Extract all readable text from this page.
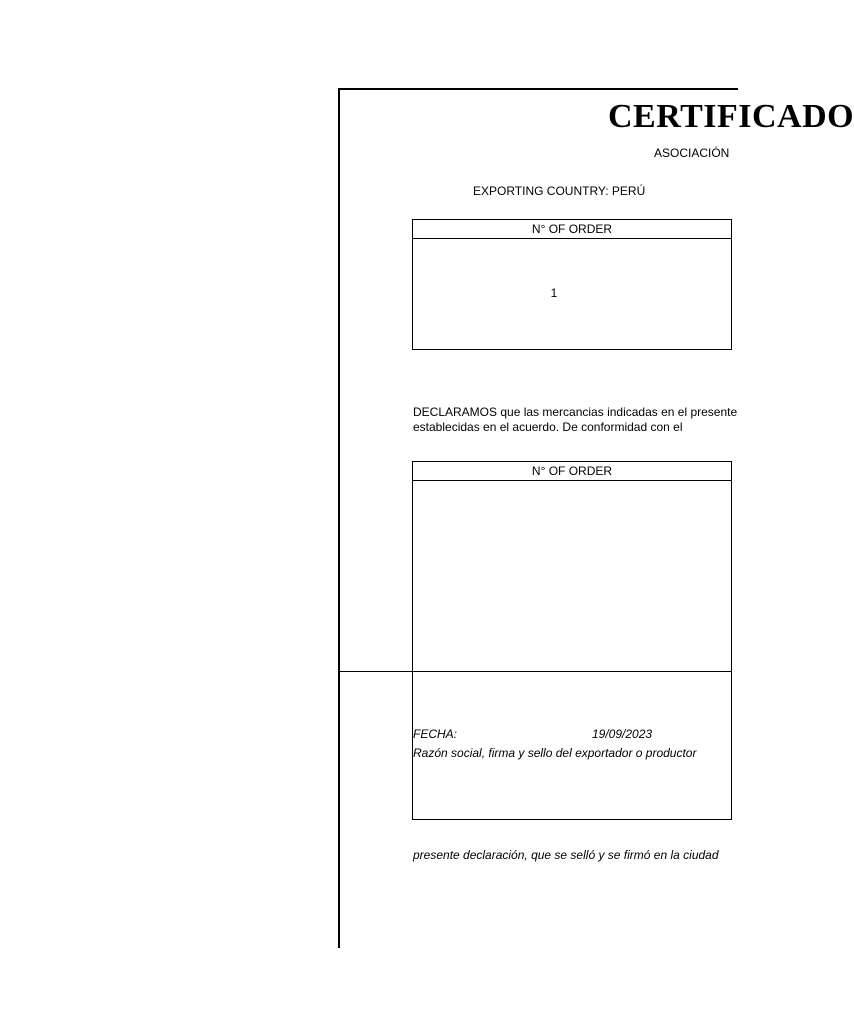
CERTIFICADO
ASOCIACIÓN
EXPORTING COUNTRY: PERÚ
N° OF ORDER
1
DECLARAMOS que las mercancias indicadas en el presente
establecidas en el acuerdo. De conformidad con el
N° OF ORDER
FECHA:	19/09/2023
Razón social, firma y sello del exportador o productor
presente declaración, que se selló y se firmó en la ciudad
